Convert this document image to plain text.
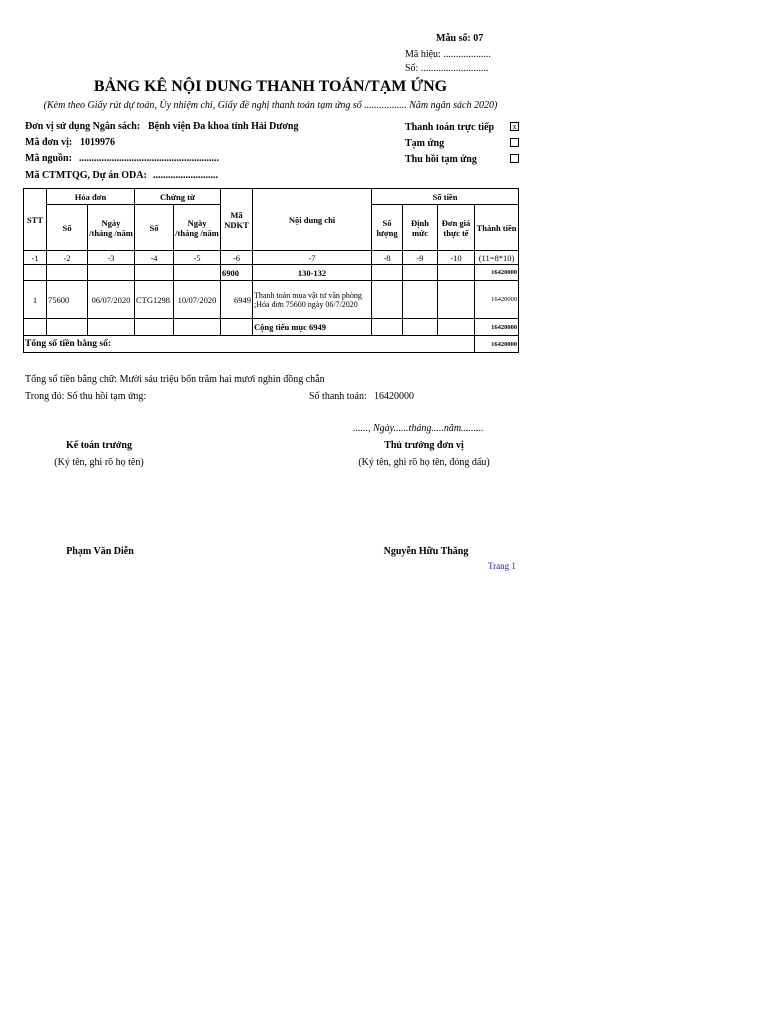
Mẫu số: 07
Mã hiệu: ...................
Số: ...........................
BẢNG KÊ NỘI DUNG THANH TOÁN/TẠM ỨNG
(Kèm theo Giấy rút dự toán, Ủy nhiệm chi, Giấy đề nghị thanh toán tạm ứng số ................. Năm ngân sách 2020)
Đơn vị sử dụng Ngân sách: Bệnh viện Đa khoa tỉnh Hải Dương
Mã đơn vị: 1019976
Mã nguồn: ........................................................
Mã CTMTQG, Dự án ODA: ..........................
Thanh toán trực tiếp	x
Tạm ứng
Thu hồi tạm ứng
STT	Hóa đơn		Chứng từ		Mã NDKT	Nội dung chi	Số tiền			
	Số	Ngày /tháng /năm	Số	Ngày /tháng /năm			Số lượng	Định mức	Đơn giá thực tế	Thành tiền
-1	-2	-3	-4	-5	-6	-7	-8	-9	-10	(11=8*10)
					6900	130-132				16420000
1	75600	06/07/2020	CTG1298	10/07/2020	6949	Thanh toán mua vật tư văn phòng ;Hóa đơn 75600 ngày 06/7/2020				16420000
						Cộng tiểu mục 6949				16420000
Tổng số tiền bằng số:										16420000
Tổng số tiền bằng chữ: Mười sáu triệu bốn trăm hai mươi nghìn đồng chẵn
Trong đó: Số thu hồi tạm ứng:	Số thanh toán: 16420000
......, Ngày......tháng.....năm.........
Kế toán trưởng
(Ký tên, ghi rõ họ tên)
Phạm Văn Diễn
Thủ trưởng đơn vị
(Ký tên, ghi rõ họ tên, đóng dấu)
Nguyễn Hữu Thăng
Trang 1
